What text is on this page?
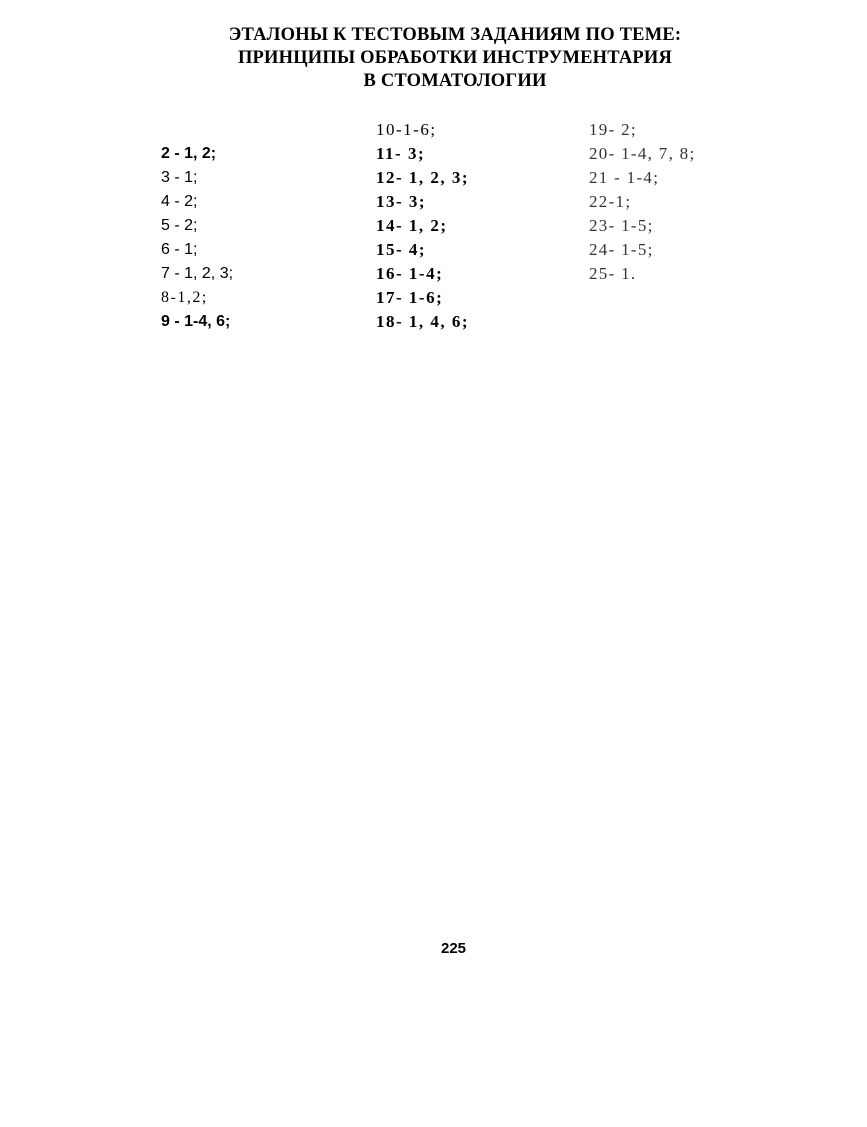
ЭТАЛОНЫ К ТЕСТОВЫМ ЗАДАНИЯМ ПО ТЕМЕ:
ПРИНЦИПЫ ОБРАБОТКИ ИНСТРУМЕНТАРИЯ
В СТОМАТОЛОГИИ
2 - 1, 2;
3 - 1;
4 - 2;
5 - 2;
6 - 1;
7 - 1, 2, 3;
8-1,2;
9 - 1-4, 6;
10-1-6;
11- 3;
12- 1, 2, 3;
13- 3;
14- 1, 2;
15- 4;
16- 1-4;
17- 1-6;
18- 1, 4, 6;
19- 2;
20- 1-4, 7, 8;
21 - 1-4;
22-1;
23- 1-5;
24- 1-5;
25- 1.
225
